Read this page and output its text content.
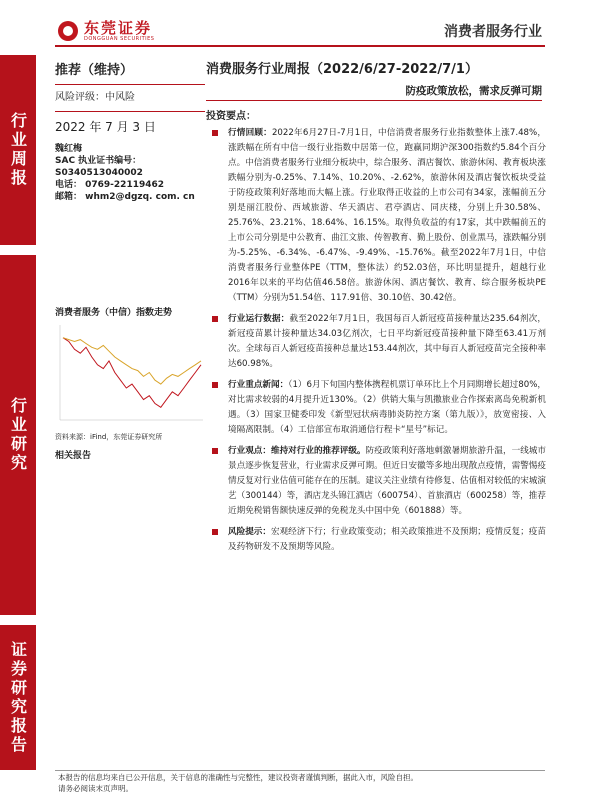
东莞证券
DONGGUAN SECURITIES	消费者服务行业
行业周报
行业研究
证券研究报告
推荐（维持）
风险评级：中风险
2022 年 7 月 3 日
魏红梅
SAC 执业证书编号：
S0340513040002
电话： 0769-22119462
邮箱： whm2@dgzq. com. cn
消费者服务（中信）指数走势
资料来源：iFind，东莞证券研究所
相关报告
消费服务行业周报（2022/6/27-2022/7/1）
防疫政策放松，需求反弹可期
投资要点：
行情回顾：2022年6月27日-7月1日，中信消费者服务行业指数整体上涨7.48%，涨跌幅在所有中信一级行业指数中居第一位，跑赢同期沪深300指数约5.84个百分点。中信消费者服务行业细分板块中，综合服务、酒店餐饮、旅游休闲、教育板块涨跌幅分别为-0.25%、7.14%、10.20%、-2.62%，旅游休闲及酒店餐饮板块受益于防疫政策利好落地而大幅上涨。行业取得正收益的上市公司有34家，涨幅前五分别是丽江股份、西域旅游、华天酒店、君亭酒店、同庆楼，分别上升30.58%、25.76%、23.21%、18.64%、16.15%。取得负收益的有17家，其中跌幅前五的上市公司分别是中公教育、曲江文旅、传智教育、勤上股份、创业黑马，涨跌幅分别为-5.25%、-6.34%、-6.47%、-9.49%、-15.76%。截至2022年7月1日，中信消费者服务行业整体PE（TTM，整体法）约52.03倍，环比明显提升，超越行业2016年以来的平均估值46.58倍。旅游休闲、酒店餐饮、教育、综合服务板块PE（TTM）分别为51.54倍、117.91倍、30.10倍、30.42倍。
行业运行数据：截至2022年7月1日，我国每百人新冠疫苗接种量达235.64剂次，新冠疫苗累计接种量达34.03亿剂次，七日平均新冠疫苗接种量下降至63.41万剂次。全球每百人新冠疫苗接种总量达153.44剂次，其中每百人新冠疫苗完全接种率达60.98%。
行业重点新闻：（1）6月下旬国内整体携程机票订单环比上个月同期增长超过80%，对比需求较弱的4月提升近130%。（2）供销大集与凯撒旅业合作探索离岛免税新机遇。（3）国家卫健委印发《新型冠状病毒肺炎防控方案（第九版）》，放宽密接、入境隔离限制。（4）工信部宣布取消通信行程卡“星号”标记。
行业观点：维持对行业的推荐评级。防疫政策利好落地刺激暑期旅游升温，一线城市景点逐步恢复营业，行业需求反弹可期。但近日安徽等多地出现散点疫情，需警惕疫情反复对行业估值可能存在的压制。建议关注业绩有待修复、估值相对较低的宋城演艺（300144）等，酒店龙头锦江酒店（600754）、首旅酒店（600258）等，推荐近期免税销售额快速反弹的免税龙头中国中免（601888）等。
风险提示：宏观经济下行；行业政策变动；相关政策推进不及预期；疫情反复；疫苗及药物研发不及预期等风险。
本报告的信息均来自已公开信息，关于信息的准确性与完整性，建议投资者谨慎判断，据此入市，风险自担。
请务必阅读末页声明。
